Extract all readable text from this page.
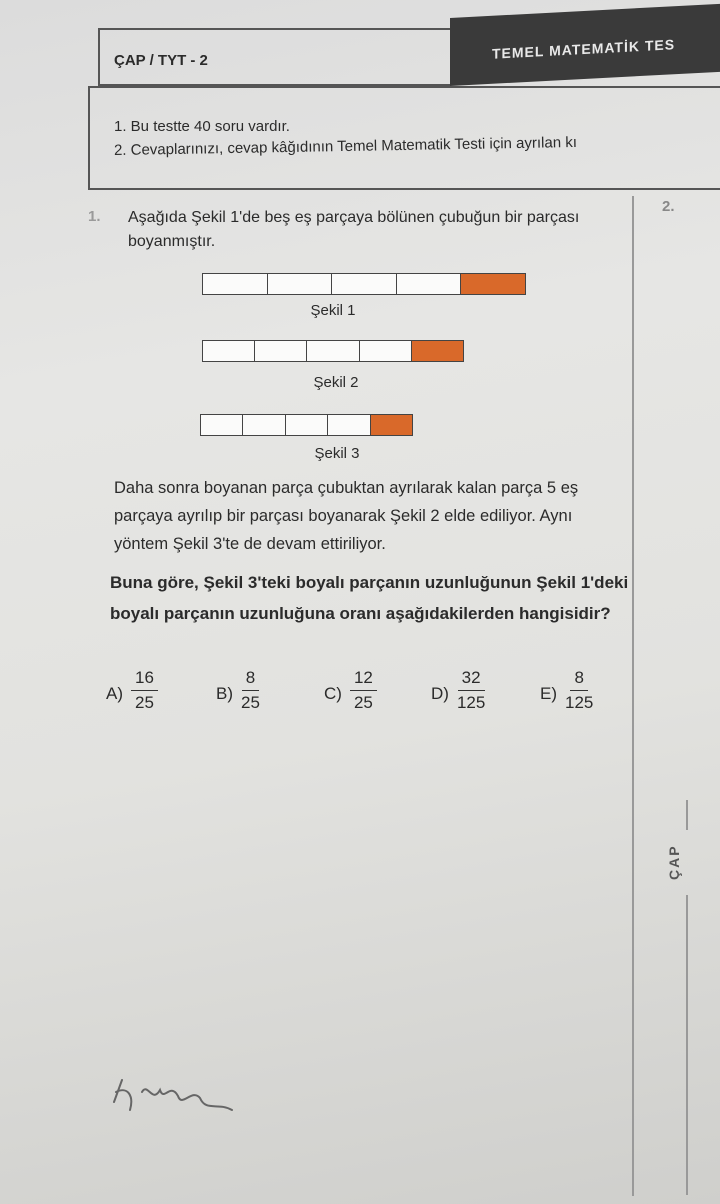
ÇAP / TYT - 2	TEMEL MATEMATİK TES
1. Bu testte 40 soru vardır.
2. Cevaplarınızı, cevap kâğıdının Temel Matematik Testi için ayrılan kı
1.
2.
Aşağıda Şekil 1'de beş eş parçaya bölünen çubuğun bir parçası boyanmıştır.
Şekil 1
Şekil 2
Şekil 3
Daha sonra boyanan parça çubuktan ayrılarak kalan parça 5 eş parçaya ayrılıp bir parçası boyanarak Şekil 2 elde ediliyor. Aynı yöntem Şekil 3'te de devam ettiriliyor.
Buna göre, Şekil 3'teki boyalı parçanın uzunluğunun Şekil 1'deki boyalı parçanın uzunluğuna oranı aşağıdakilerden hangisidir?
$A) \frac{16}{25}$	$B) \frac{8}{25}$	$C) \frac{12}{25}$	$D) \frac{32}{125}$	$E) \frac{8}{125}$
ÇAP
